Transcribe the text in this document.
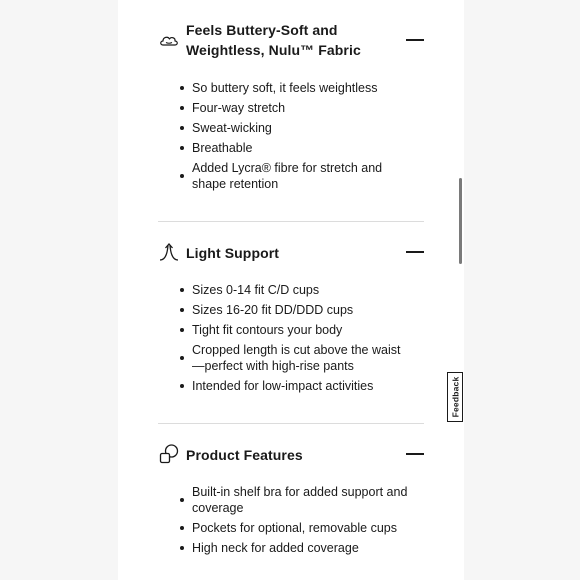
Feels Buttery-Soft and Weightless, Nulu™ Fabric
So buttery soft, it feels weightless
Four-way stretch
Sweat-wicking
Breathable
Added Lycra® fibre for stretch and shape retention
Light Support
Sizes 0-14 fit C/D cups
Sizes 16-20 fit DD/DDD cups
Tight fit contours your body
Cropped length is cut above the waist—perfect with high-rise pants
Intended for low-impact activities
Product Features
Built-in shelf bra for added support and coverage
Pockets for optional, removable cups
High neck for added coverage
Feedback
